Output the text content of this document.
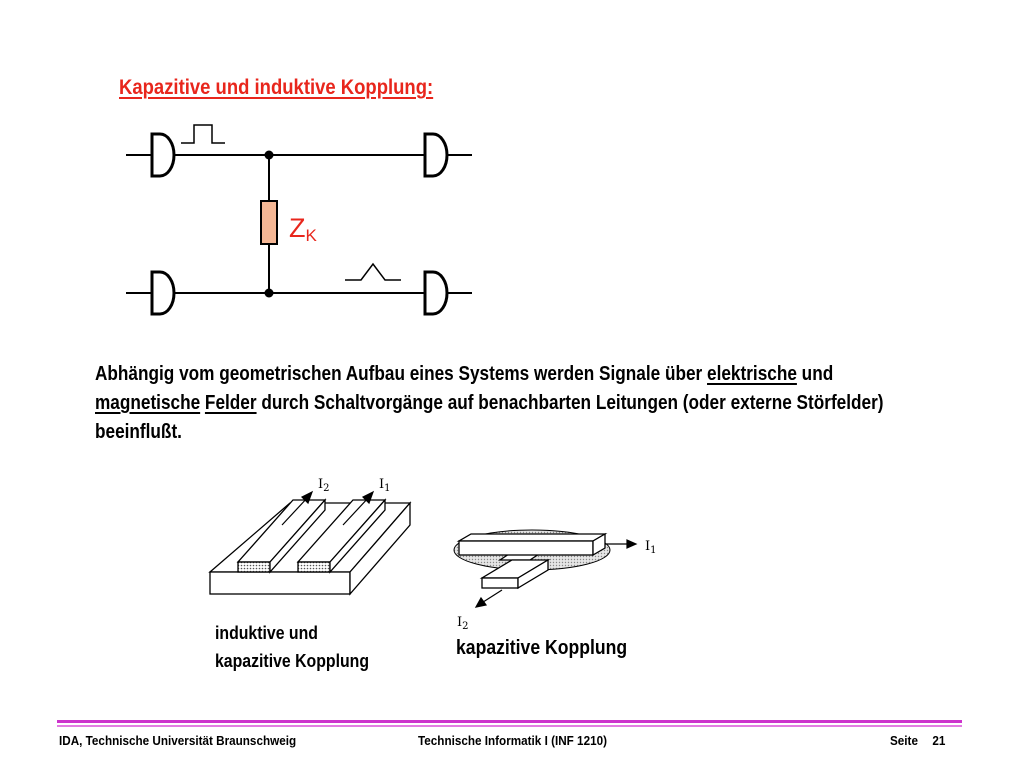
Kapazitive und induktive Kopplung:
ZK
Abhängig vom geometrischen Aufbau eines Systems werden Signale über elektrische und magnetische Felder durch Schaltvorgänge auf benachbarten Leitungen (oder externe Störfelder) beeinflußt.
$I_2$	$I_1$
$I_1$
$I_2$
induktive und
kapazitive Kopplung
kapazitive Kopplung
IDA, Technische Universität Braunschweig	Technische Informatik I (INF 1210)	Seite 21
